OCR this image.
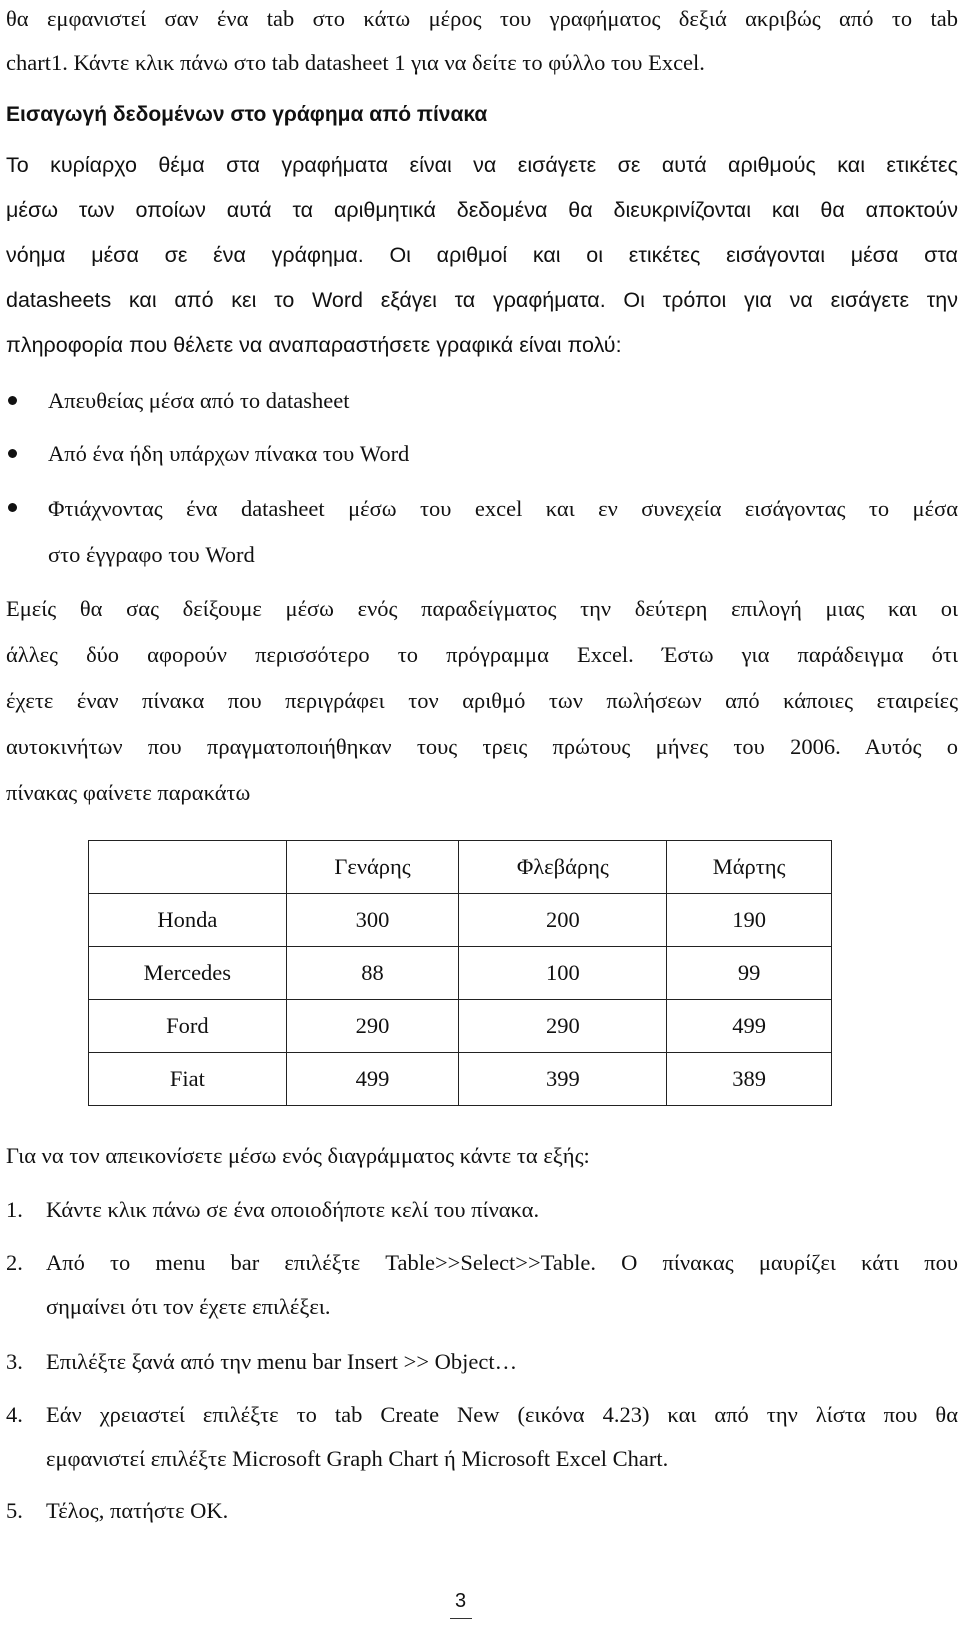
θα εμφανιστεί σαν ένα tab στο κάτω μέρος του γραφήματος δεξιά ακριβώς από το tab
chart1. Κάντε κλικ πάνω στο tab datasheet 1 για να δείτε το φύλλο του Excel.
Εισαγωγή δεδομένων στο γράφημα από πίνακα
Το κυρίαρχο θέμα στα γραφήματα είναι να εισάγετε σε αυτά αριθμούς και ετικέτες
μέσω των οποίων αυτά τα αριθμητικά δεδομένα θα διευκρινίζονται και θα αποκτούν
νόημα μέσα σε ένα γράφημα. Οι αριθμοί και οι ετικέτες εισάγονται μέσα στα
datasheets και από κει το Word εξάγει τα γραφήματα. Οι τρόποι για να εισάγετε την
πληροφορία που θέλετε να αναπαραστήσετε γραφικά είναι πολύ:
Απευθείας μέσα από το datasheet
Από ένα ήδη υπάρχων πίνακα του Word
Φτιάχνοντας ένα datasheet μέσω του excel και εν συνεχεία εισάγοντας το μέσα
στο έγγραφο του Word
Εμείς θα σας δείξουμε μέσω ενός παραδείγματος την δεύτερη επιλογή μιας και οι
άλλες δύο αφορούν περισσότερο το πρόγραμμα Excel. Έστω για παράδειγμα ότι
έχετε έναν πίνακα που περιγράφει τον αριθμό των πωλήσεων από κάποιες εταιρείες
αυτοκινήτων που πραγματοποιήθηκαν τους τρεις πρώτους μήνες του 2006. Αυτός ο
πίνακας φαίνετε παρακάτω
	Γενάρης	Φλεβάρης	Μάρτης
Honda	300	200	190
Mercedes	88	100	99
Ford	290	290	499
Fiat	499	399	389
Για να τον απεικονίσετε μέσω ενός διαγράμματος κάντε τα εξής:
1. Κάντε κλικ πάνω σε ένα οποιοδήποτε κελί του πίνακα.
2. Από το menu bar επιλέξτε Table>>Select>>Table. Ο πίνακας μαυρίζει κάτι που
σημαίνει ότι τον έχετε επιλέξει.
3. Επιλέξτε ξανά από την menu bar Insert >> Object…
4. Εάν χρειαστεί επιλέξτε το tab Create New (εικόνα 4.23) και από την λίστα που θα
εμφανιστεί επιλέξτε Microsoft Graph Chart ή Microsoft Excel Chart.
5. Τέλος, πατήστε ΟΚ.
3
